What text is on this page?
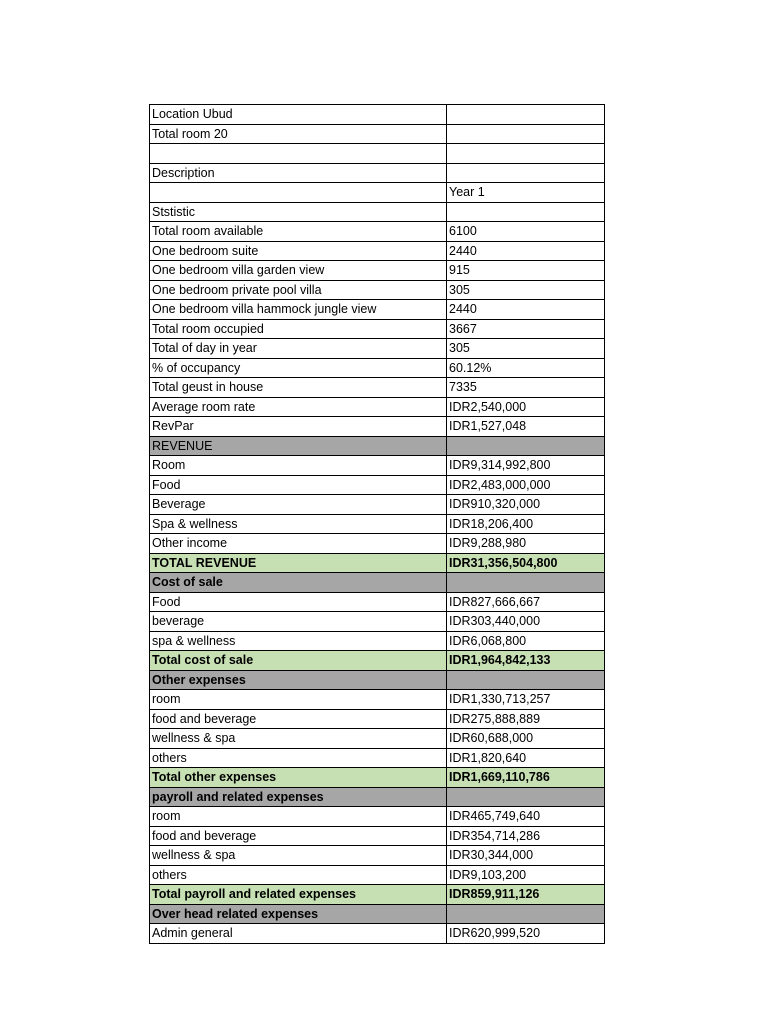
Location Ubud	
Total room 20	

Description	
	Year 1
Ststistic	
Total room available	6100
One bedroom suite	2440
One bedroom villa garden view	915
One bedroom private pool villa	305
One bedroom villa hammock jungle view	2440
Total room occupied	3667
Total of day in year	305
% of occupancy	60.12%
Total geust in house	7335
Average room rate	IDR2,540,000
RevPar	IDR1,527,048
REVENUE	
Room	IDR9,314,992,800
Food	IDR2,483,000,000
Beverage	IDR910,320,000
Spa & wellness	IDR18,206,400
Other income	IDR9,288,980
TOTAL REVENUE	IDR31,356,504,800
Cost of sale	
Food	IDR827,666,667
beverage	IDR303,440,000
spa & wellness	IDR6,068,800
Total cost of sale	IDR1,964,842,133
Other expenses	
room	IDR1,330,713,257
food and beverage	IDR275,888,889
wellness & spa	IDR60,688,000
others	IDR1,820,640
Total other expenses	IDR1,669,110,786
payroll and related expenses	
room	IDR465,749,640
food and beverage	IDR354,714,286
wellness & spa	IDR30,344,000
others	IDR9,103,200
Total payroll and related expenses	IDR859,911,126
Over head related expenses	
Admin general	IDR620,999,520
